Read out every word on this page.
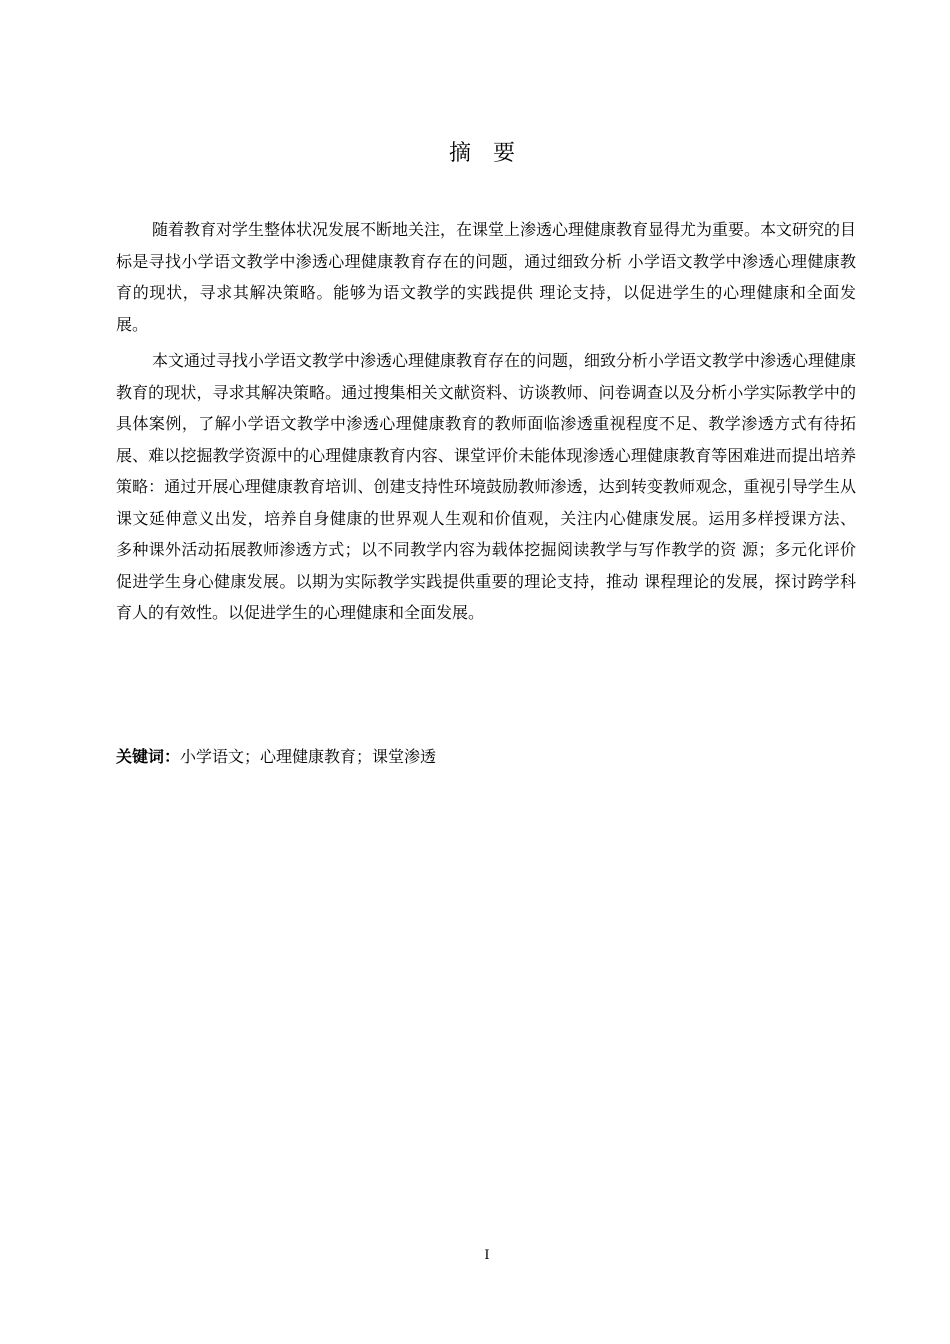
摘 要

随着教育对学生整体状况发展不断地关注，在课堂上渗透心理健康教育显得尤为重要。本文研究的目标是寻找小学语文教学中渗透心理健康教育存在的问题，通过细致分析 小学语文教学中渗透心理健康教育的现状，寻求其解决策略。能够为语文教学的实践提供 理论支持，以促进学生的心理健康和全面发展。

本文通过寻找小学语文教学中渗透心理健康教育存在的问题，细致分析小学语文教学中渗透心理健康教育的现状，寻求其解决策略。通过搜集相关文献资料、访谈教师、问卷调查以及分析小学实际教学中的具体案例，了解小学语文教学中渗透心理健康教育的教师面临渗透重视程度不足、教学渗透方式有待拓展、难以挖掘教学资源中的心理健康教育内容、课堂评价未能体现渗透心理健康教育等困难进而提出培养策略：通过开展心理健康教育培训、创建支持性环境鼓励教师渗透，达到转变教师观念，重视引导学生从课文延伸意义出发，培养自身健康的世界观人生观和价值观，关注内心健康发展。运用多样授课方法、 多种课外活动拓展教师渗透方式；以不同教学内容为载体挖掘阅读教学与写作教学的资 源；多元化评价促进学生身心健康发展。以期为实际教学实践提供重要的理论支持，推动 课程理论的发展，探讨跨学科育人的有效性。以促进学生的心理健康和全面发展。

关键词：小学语文；心理健康教育；课堂渗透
I
